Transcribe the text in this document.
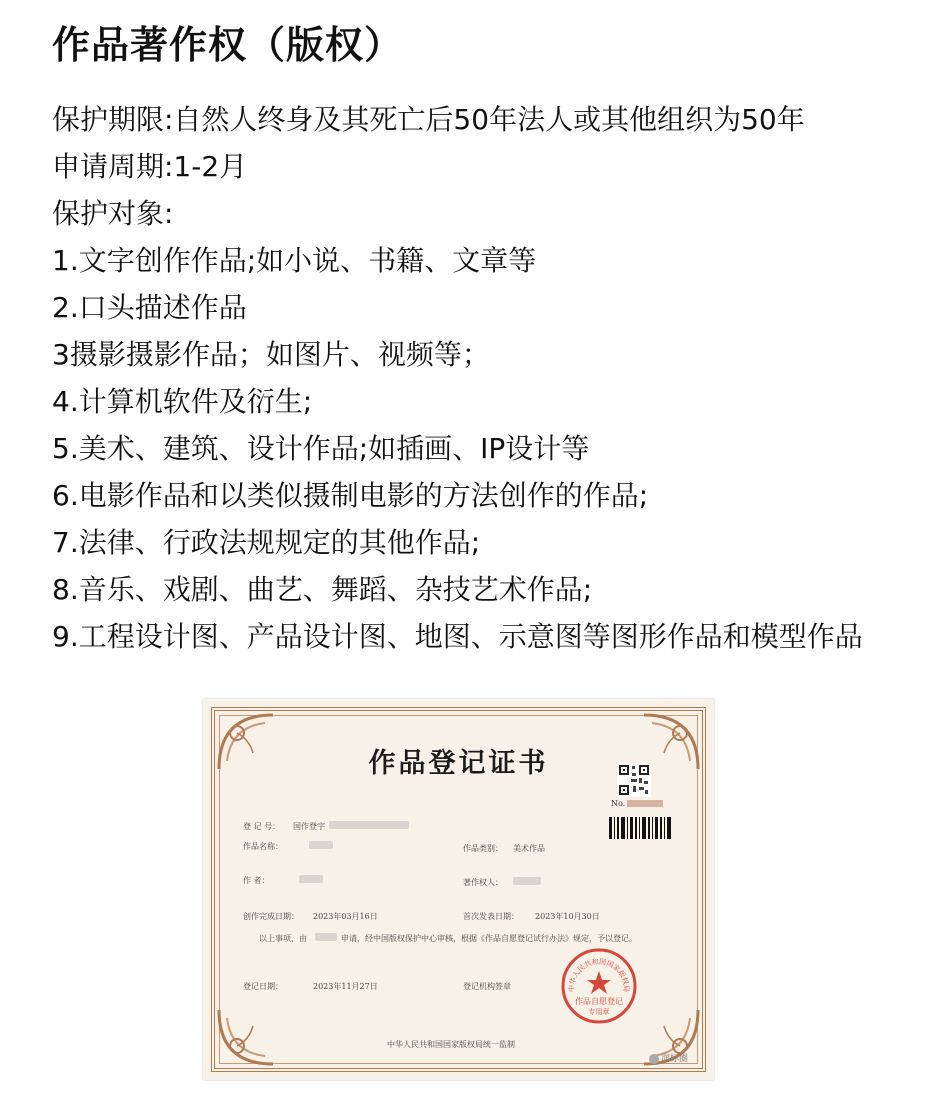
作品著作权（版权）
保护期限:自然人终身及其死亡后50年法人或其他组织为50年
申请周期:1-2月
保护对象:
1.文字创作作品;如小说、书籍、文章等
2.口头描述作品
3摄影摄影作品；如图片、视频等；
4.计算机软件及衍生;
5.美术、建筑、设计作品;如插画、IP设计等
6.电影作品和以类似摄制电影的方法创作的作品;
7.法律、行政法规规定的其他作品;
8.音乐、戏剧、曲艺、舞蹈、杂技艺术作品;
9.工程设计图、产品设计图、地图、示意图等图形作品和模型作品
作品登记证书
No.
登 记 号： 国作登字
作品名称：	作品类别： 美术作品
作 者：	著作权人：
创作完成日期： 2023年03月16日	首次发表日期： 2023年10月30日
以上事项，由	申请，经中国版权保护中心审核，根据《作品自愿登记试行办法》规定，予以登记。
登记日期：	2023年11月27日	登记机构签章	中华人民共和国国家版权局
作品自愿登记
专用章
中华人民共和国国家版权局统一监制
润标圈
